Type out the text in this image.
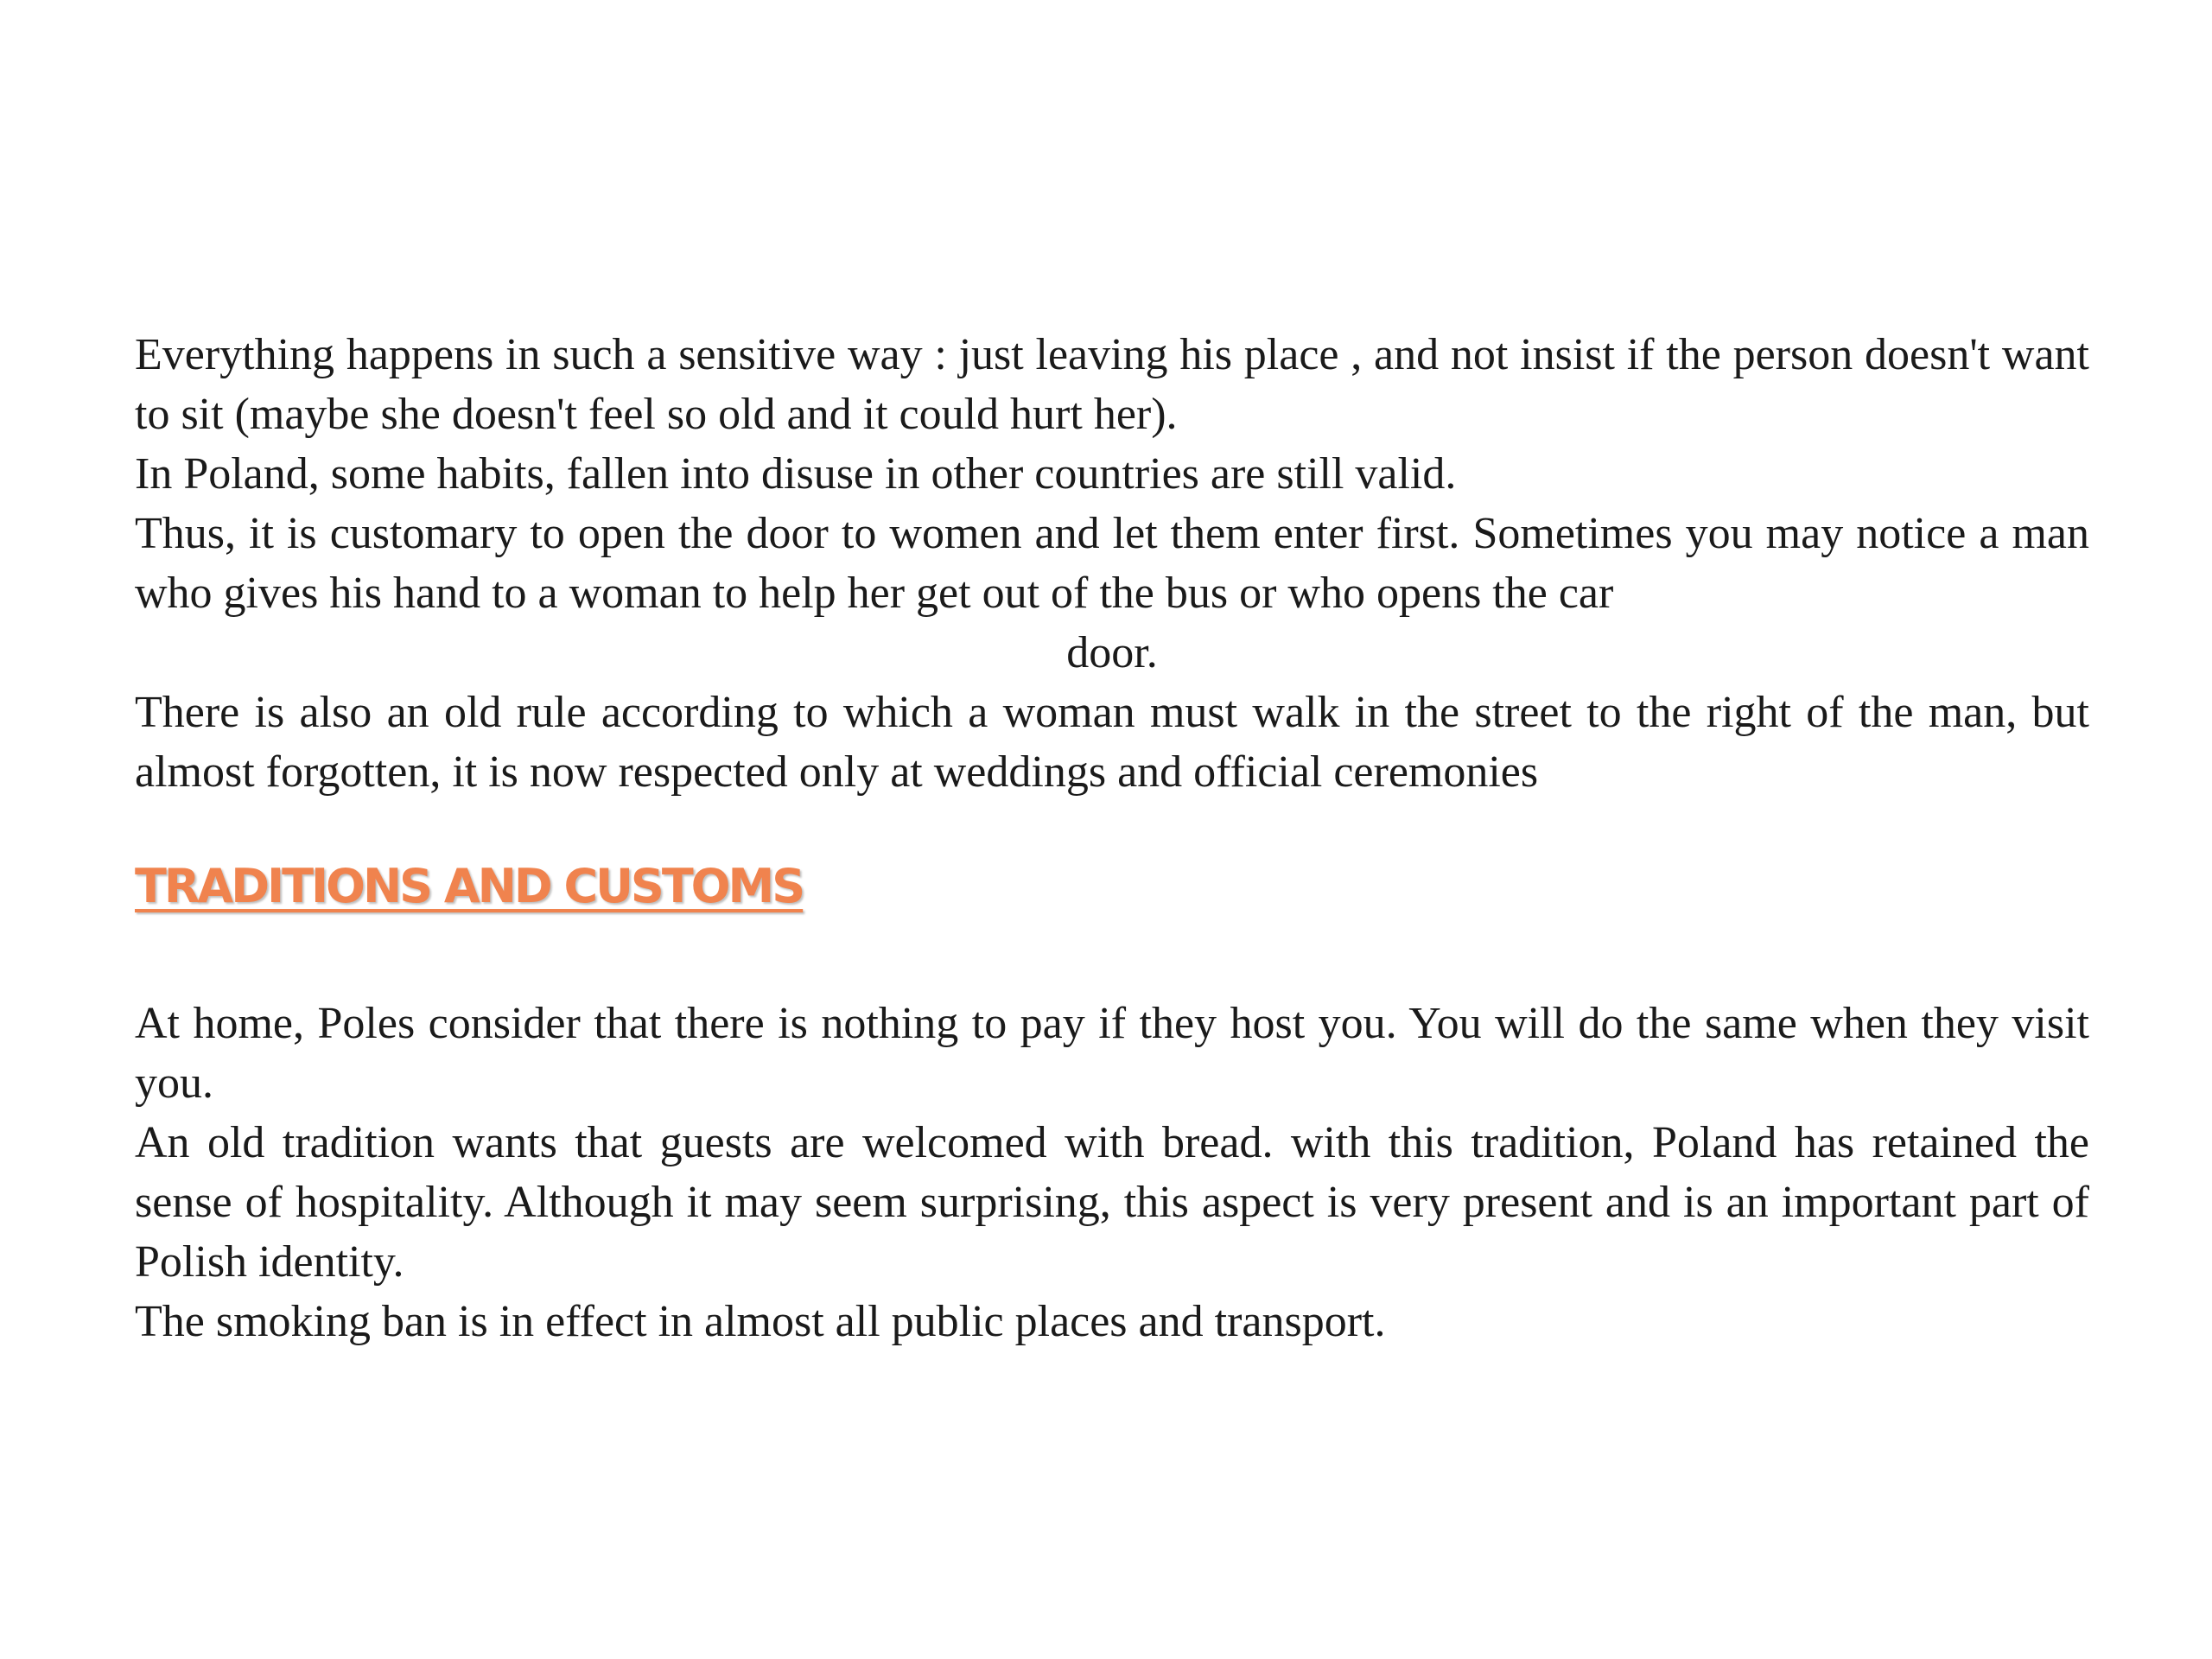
Everything happens in such a sensitive way : just leaving his place , and not insist if the person doesn't want to sit (maybe she doesn't feel so old and it could hurt her).

In Poland, some habits, fallen into disuse in other countries are still valid.

Thus, it is customary to open the door to women and let them enter first. Sometimes you may notice a man who gives his hand to a woman to help her get out of the bus or who opens the car

door.

There is also an old rule according to which a woman must walk in the street to the right of the man, but almost forgotten, it is now respected only at weddings and official ceremonies

TRADITIONS AND CUSTOMS

At home, Poles consider that there is nothing to pay if they host you. You will do the same when they visit you.

An old tradition wants that guests are welcomed with bread. with this tradition, Poland has retained the sense of hospitality. Although it may seem surprising, this aspect is very present and is an important part of Polish identity.

The smoking ban is in effect in almost all public places and transport.
